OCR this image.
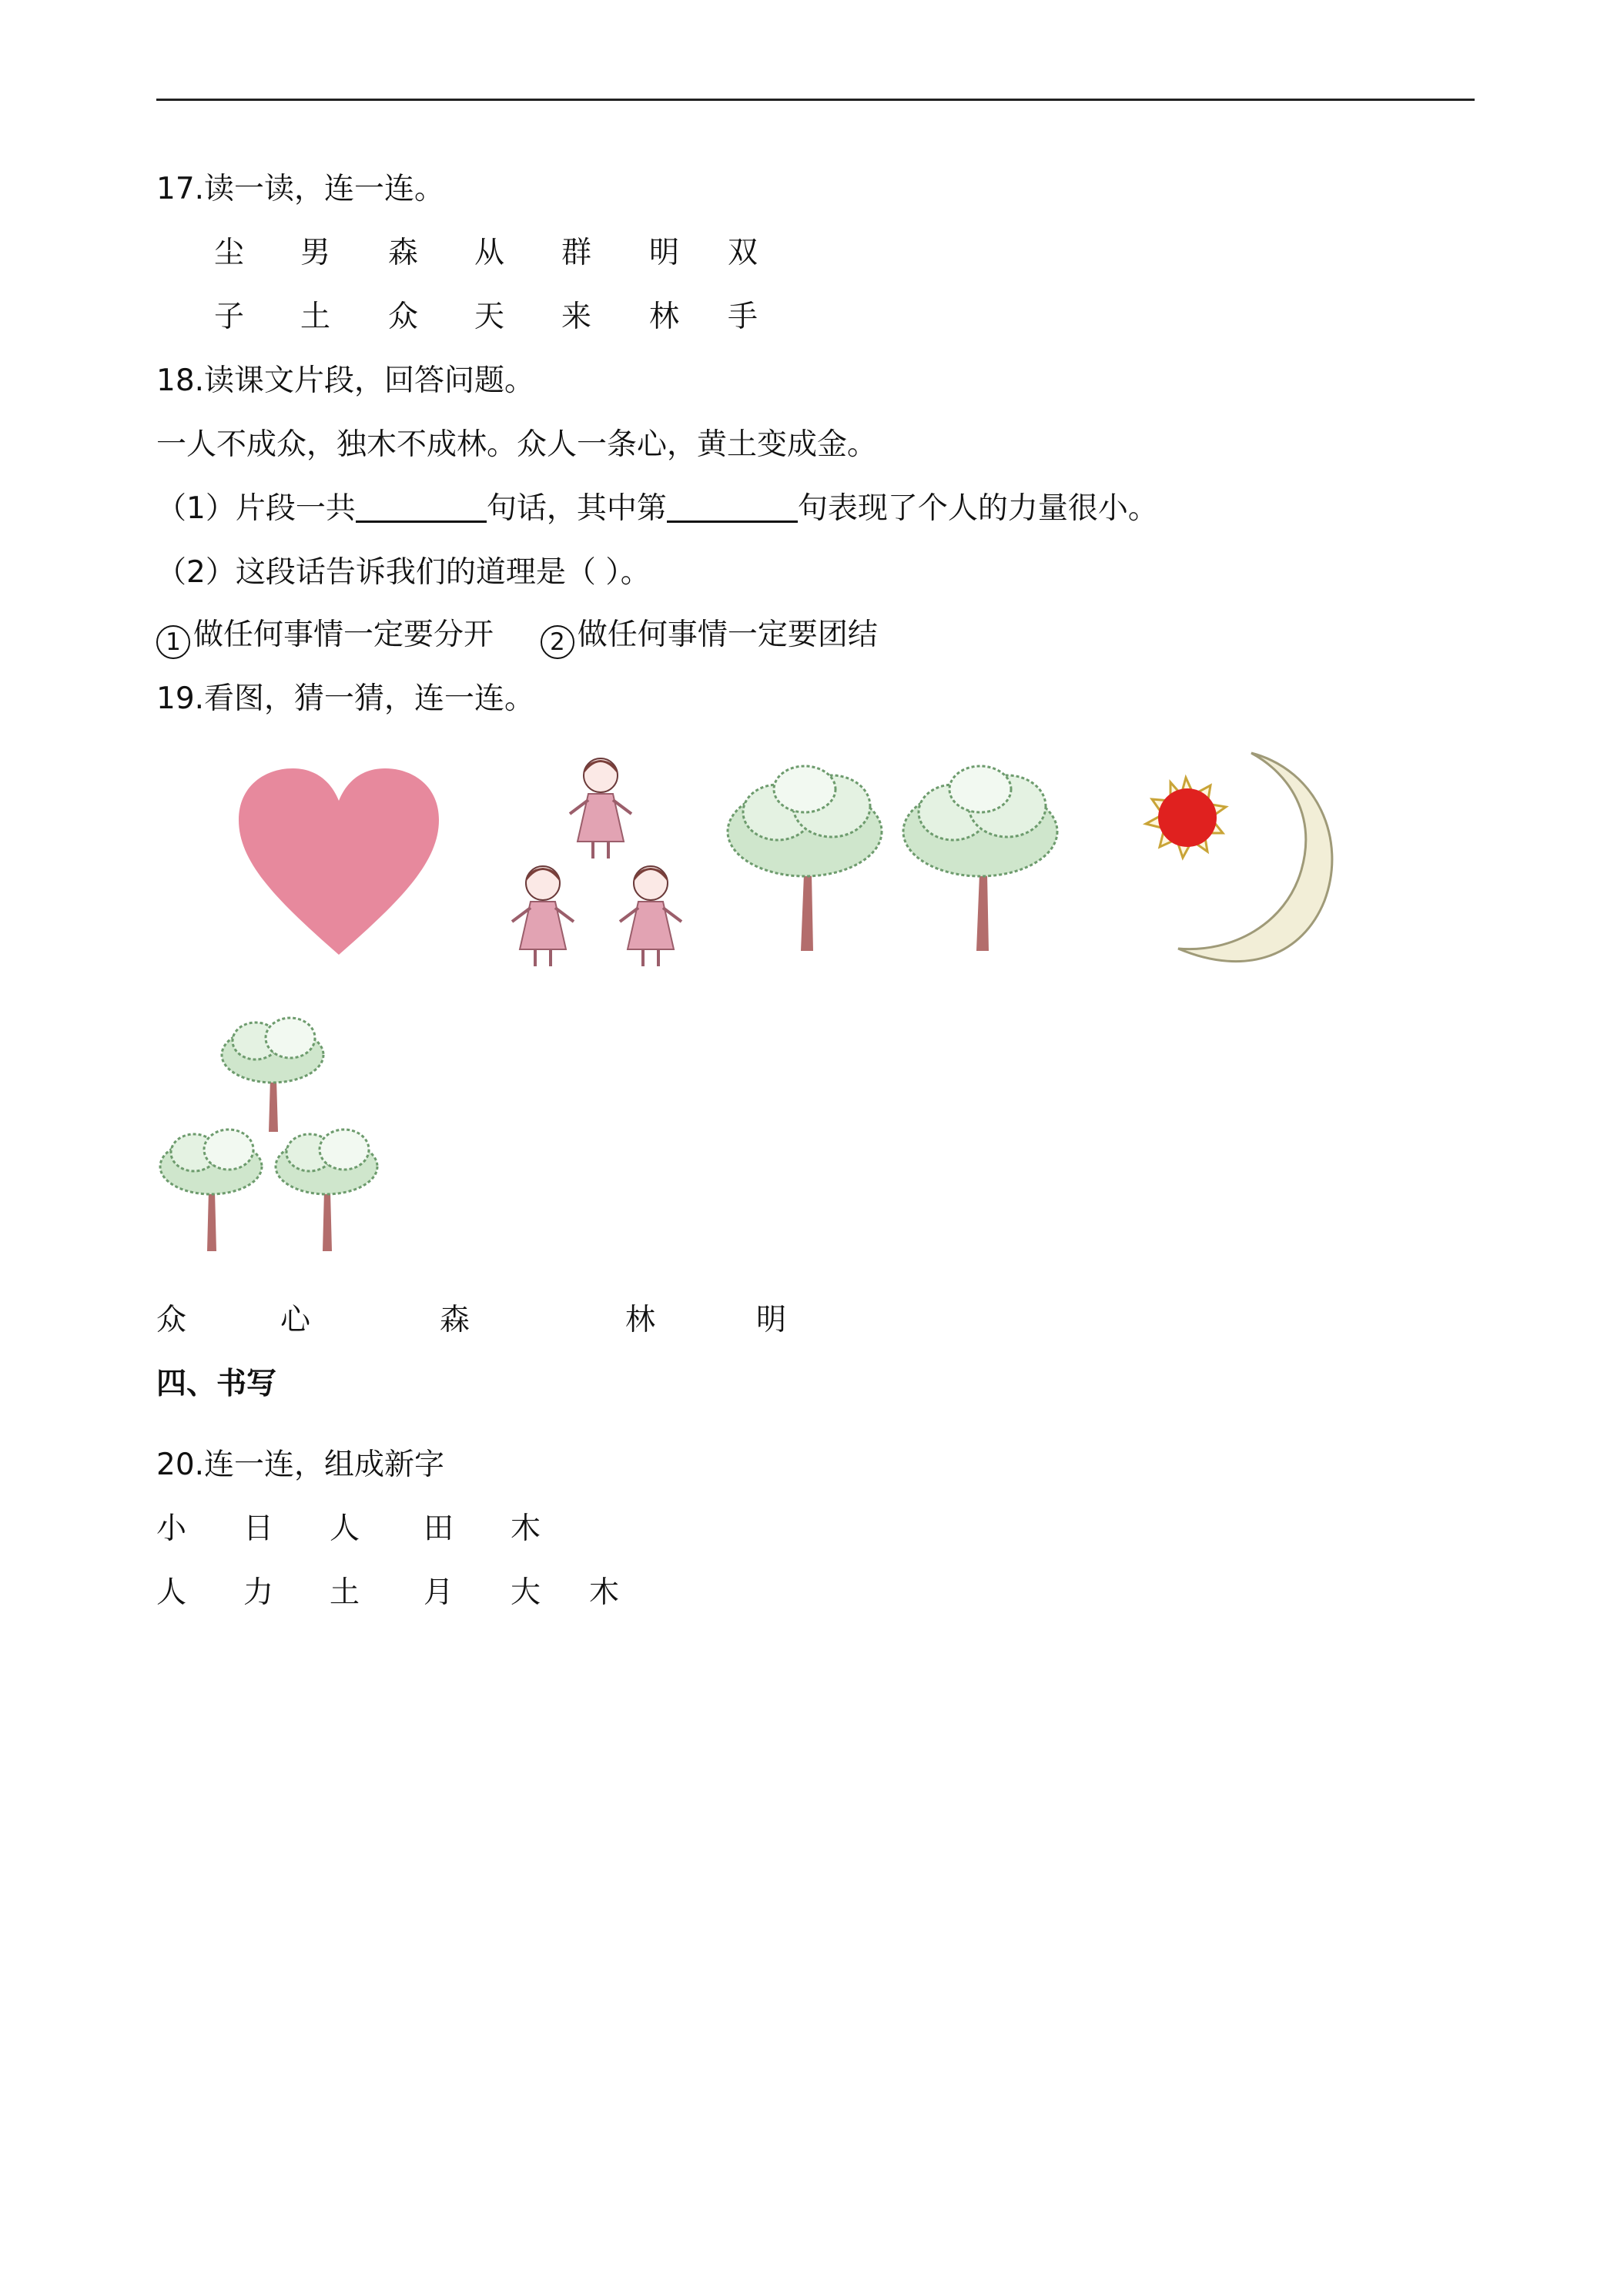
17.读一读，连一连。
尘 男 森 从 群 明 双
子 土 众 天 来 林 手
18.读课文片段，回答问题。
一人不成众，独木不成林。众人一条心，黄土变成金。
（1）片段一共	句话，其中第	句表现了个人的力量很小。
（2）这段话告诉我们的道理是（ ）。
1 做任何事情一定要分开 2 做任何事情一定要团结
19.看图，猜一猜，连一连。
众	心	森	林	明
四、书写
20.连一连，组成新字
小 日 人 田 木
人 力 土 月 大 木
